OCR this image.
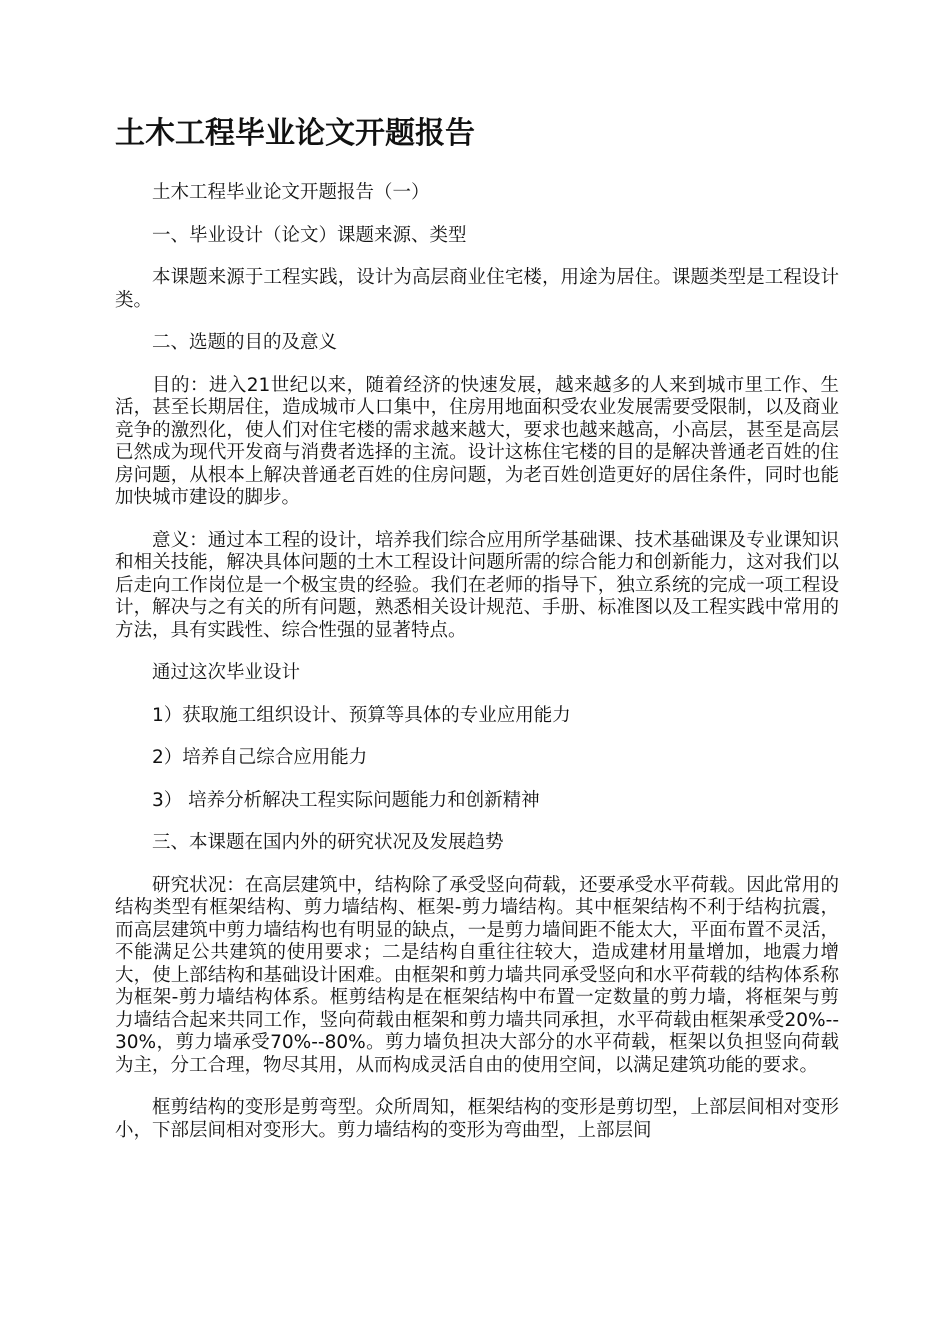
土木工程毕业论文开题报告

土木工程毕业论文开题报告（一）

一、毕业设计（论文）课题来源、类型

本课题来源于工程实践，设计为高层商业住宅楼，用途为居住。课题类型是工程设计类。

二、选题的目的及意义

目的：进入21世纪以来，随着经济的快速发展，越来越多的人来到城市里工作、生活，甚至长期居住，造成城市人口集中，住房用地面积受农业发展需要受限制，以及商业竞争的激烈化，使人们对住宅楼的需求越来越大，要求也越来越高，小高层，甚至是高层已然成为现代开发商与消费者选择的主流。设计这栋住宅楼的目的是解决普通老百姓的住房问题，从根本上解决普通老百姓的住房问题，为老百姓创造更好的居住条件，同时也能加快城市建设的脚步。

意义：通过本工程的设计，培养我们综合应用所学基础课、技术基础课及专业课知识和相关技能，解决具体问题的土木工程设计问题所需的综合能力和创新能力，这对我们以后走向工作岗位是一个极宝贵的经验。我们在老师的指导下，独立系统的完成一项工程设计，解决与之有关的所有问题，熟悉相关设计规范、手册、标准图以及工程实践中常用的方法，具有实践性、综合性强的显著特点。

通过这次毕业设计

1）获取施工组织设计、预算等具体的专业应用能力

2）培养自己综合应用能力

3） 培养分析解决工程实际问题能力和创新精神

三、本课题在国内外的研究状况及发展趋势

研究状况：在高层建筑中，结构除了承受竖向荷载，还要承受水平荷载。因此常用的结构类型有框架结构、剪力墙结构、框架-剪力墙结构。其中框架结构不利于结构抗震，而高层建筑中剪力墙结构也有明显的缺点，一是剪力墙间距不能太大，平面布置不灵活，不能满足公共建筑的使用要求；二是结构自重往往较大，造成建材用量增加，地震力增大，使上部结构和基础设计困难。由框架和剪力墙共同承受竖向和水平荷载的结构体系称为框架-剪力墙结构体系。框剪结构是在框架结构中布置一定数量的剪力墙，将框架与剪力墙结合起来共同工作，竖向荷载由框架和剪力墙共同承担，水平荷载由框架承受20%--30%，剪力墙承受70%--80%。剪力墙负担决大部分的水平荷载，框架以负担竖向荷载为主，分工合理，物尽其用，从而构成灵活自由的使用空间，以满足建筑功能的要求。

框剪结构的变形是剪弯型。众所周知，框架结构的变形是剪切型，上部层间相对变形小，下部层间相对变形大。剪力墙结构的变形为弯曲型，上部层间
